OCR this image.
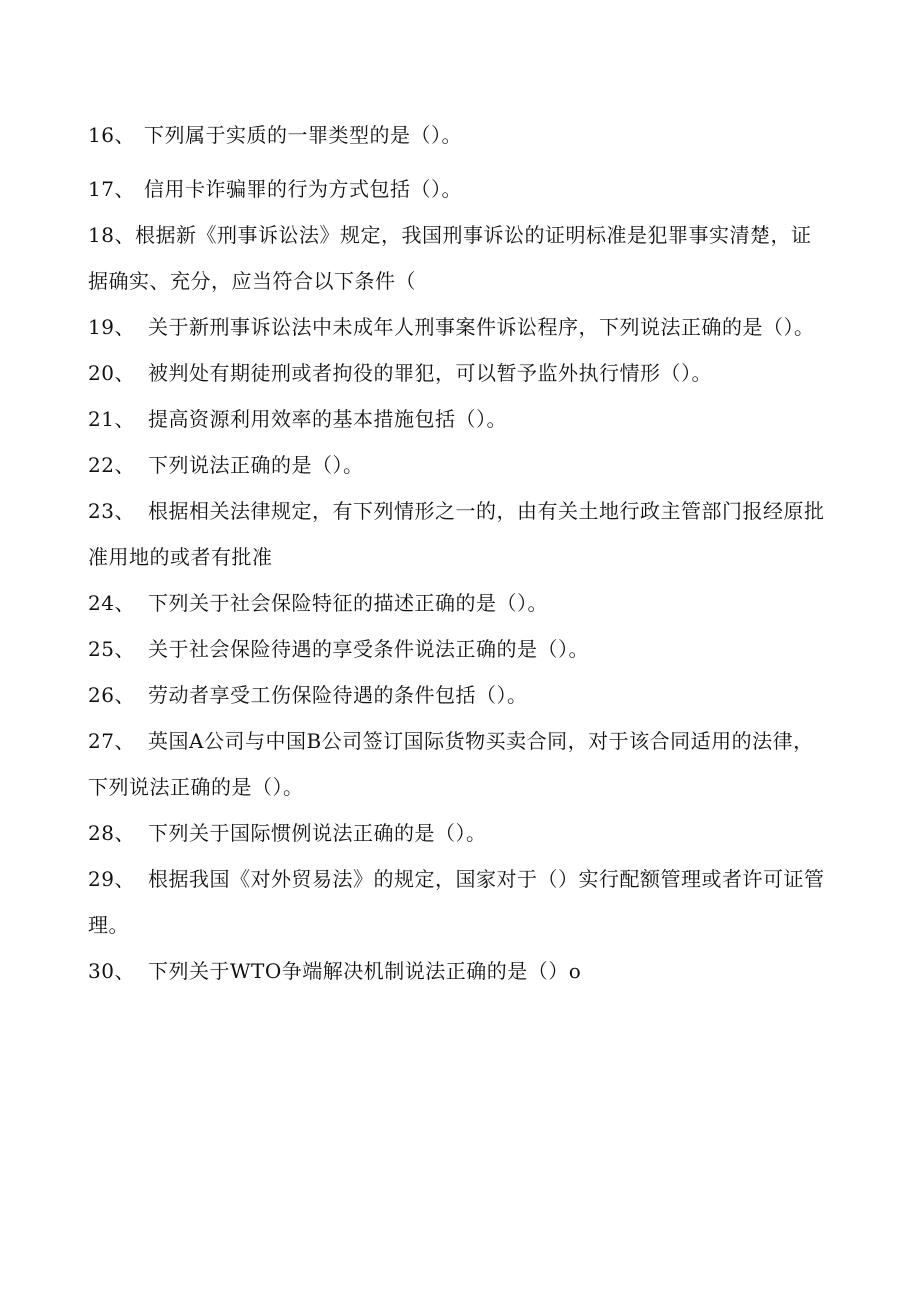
16、 下列属于实质的一罪类型的是（）。
17、 信用卡诈骗罪的行为方式包括（）。
18、根据新《刑事诉讼法》规定，我国刑事诉讼的证明标准是犯罪事实清楚，证据确实、充分，应当符合以下条件（
19、 关于新刑事诉讼法中未成年人刑事案件诉讼程序，下列说法正确的是（）。
20、 被判处有期徒刑或者拘役的罪犯，可以暂予监外执行情形（）。
21、 提高资源利用效率的基本措施包括（）。
22、 下列说法正确的是（）。
23、 根据相关法律规定，有下列情形之一的，由有关土地行政主管部门报经原批准用地的或者有批准
24、 下列关于社会保险特征的描述正确的是（）。
25、 关于社会保险待遇的享受条件说法正确的是（）。
26、 劳动者享受工伤保险待遇的条件包括（）。
27、 英国A公司与中国B公司签订国际货物买卖合同，对于该合同适用的法律，下列说法正确的是（）。
28、 下列关于国际惯例说法正确的是（）。
29、 根据我国《对外贸易法》的规定，国家对于（）实行配额管理或者许可证管理。
30、 下列关于WTO争端解决机制说法正确的是（）o
